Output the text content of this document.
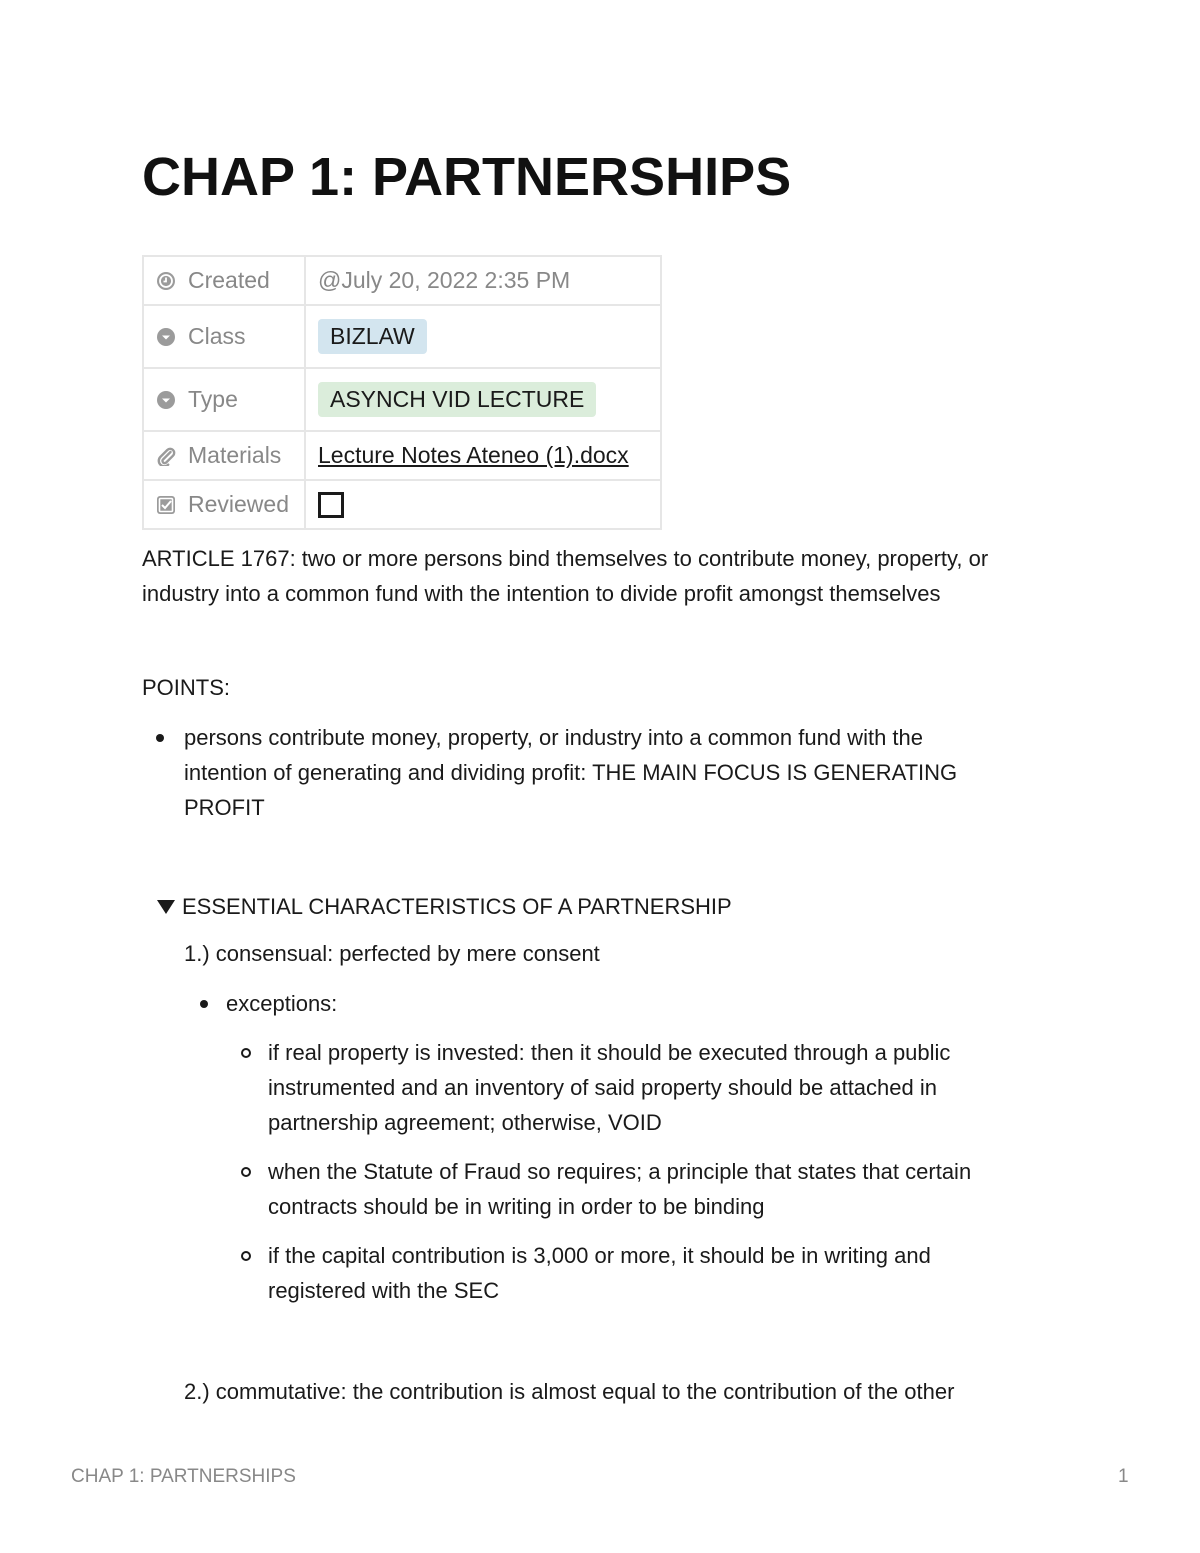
CHAP 1: PARTNERSHIPS
Created	@July 20, 2022 2:35 PM

Class	BIZLAW

Type	ASYNCH VID LECTURE

Materials	Lecture Notes Ateneo (1).docx

Reviewed	

ARTICLE 1767: two or more persons bind themselves to contribute money, property, or
industry into a common fund with the intention to divide profit amongst themselves

POINTS:

persons contribute money, property, or industry into a common fund with the
intention of generating and dividing profit: THE MAIN FOCUS IS GENERATING
PROFIT
ESSENTIAL CHARACTERISTICS OF A PARTNERSHIP

1.) consensual: perfected by mere consent

exceptions:
if real property is invested: then it should be executed through a public
instrumented and an inventory of said property should be attached in
partnership agreement; otherwise, VOID
when the Statute of Fraud so requires; a principle that states that certain
contracts should be in writing in order to be binding
if the capital contribution is 3,000 or more, it should be in writing and
registered with the SEC

2.) commutative: the contribution is almost equal to the contribution of the other

CHAP 1: PARTNERSHIPS	1
